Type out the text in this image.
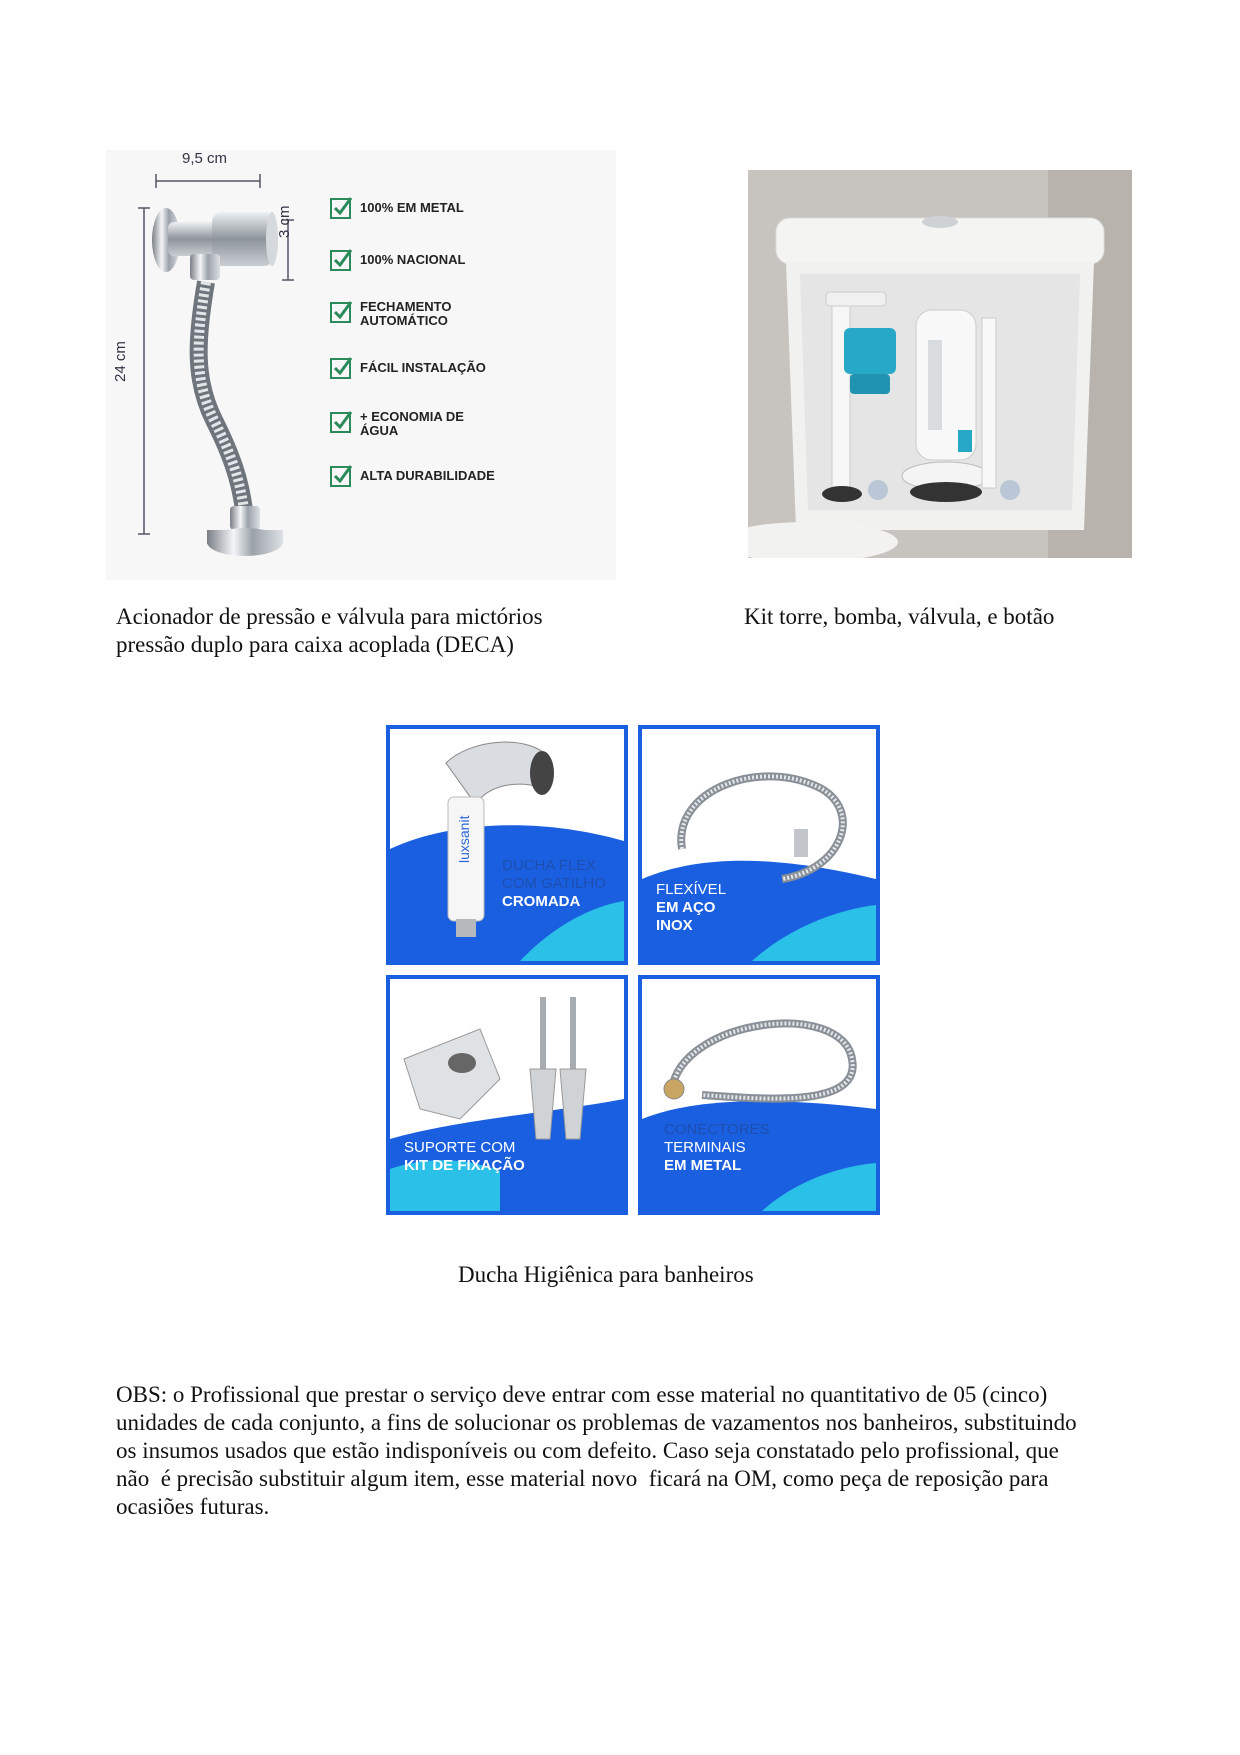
9,5 cm
3 cm
24 cm
100% EM METAL
100% NACIONAL
FECHAMENTO
AUTOMÁTICO
FÁCIL INSTALAÇÃO
+ ECONOMIA DE
ÁGUA
ALTA DURABILIDADE
Acionador de pressão e válvula para mictórios
pressão duplo para caixa acoplada (DECA)
Kit torre, bomba, válvula, e botão
luxsanit
DUCHA FLEX
COM GATILHO
CROMADA
FLEXÍVEL
EM AÇO
INOX
SUPORTE COM
KIT DE FIXAÇÃO
CONECTORES
TERMINAIS
EM METAL
Ducha Higiênica para banheiros
OBS: o Profissional que prestar o serviço deve entrar com esse material no quantitativo de 05 (cinco)
unidades de cada conjunto, a fins de solucionar os problemas de vazamentos nos banheiros, substituindo
os insumos usados que estão indisponíveis ou com defeito. Caso seja constatado pelo profissional, que
não  é precisão substituir algum item, esse material novo  ficará na OM, como peça de reposição para
ocasiões futuras.
